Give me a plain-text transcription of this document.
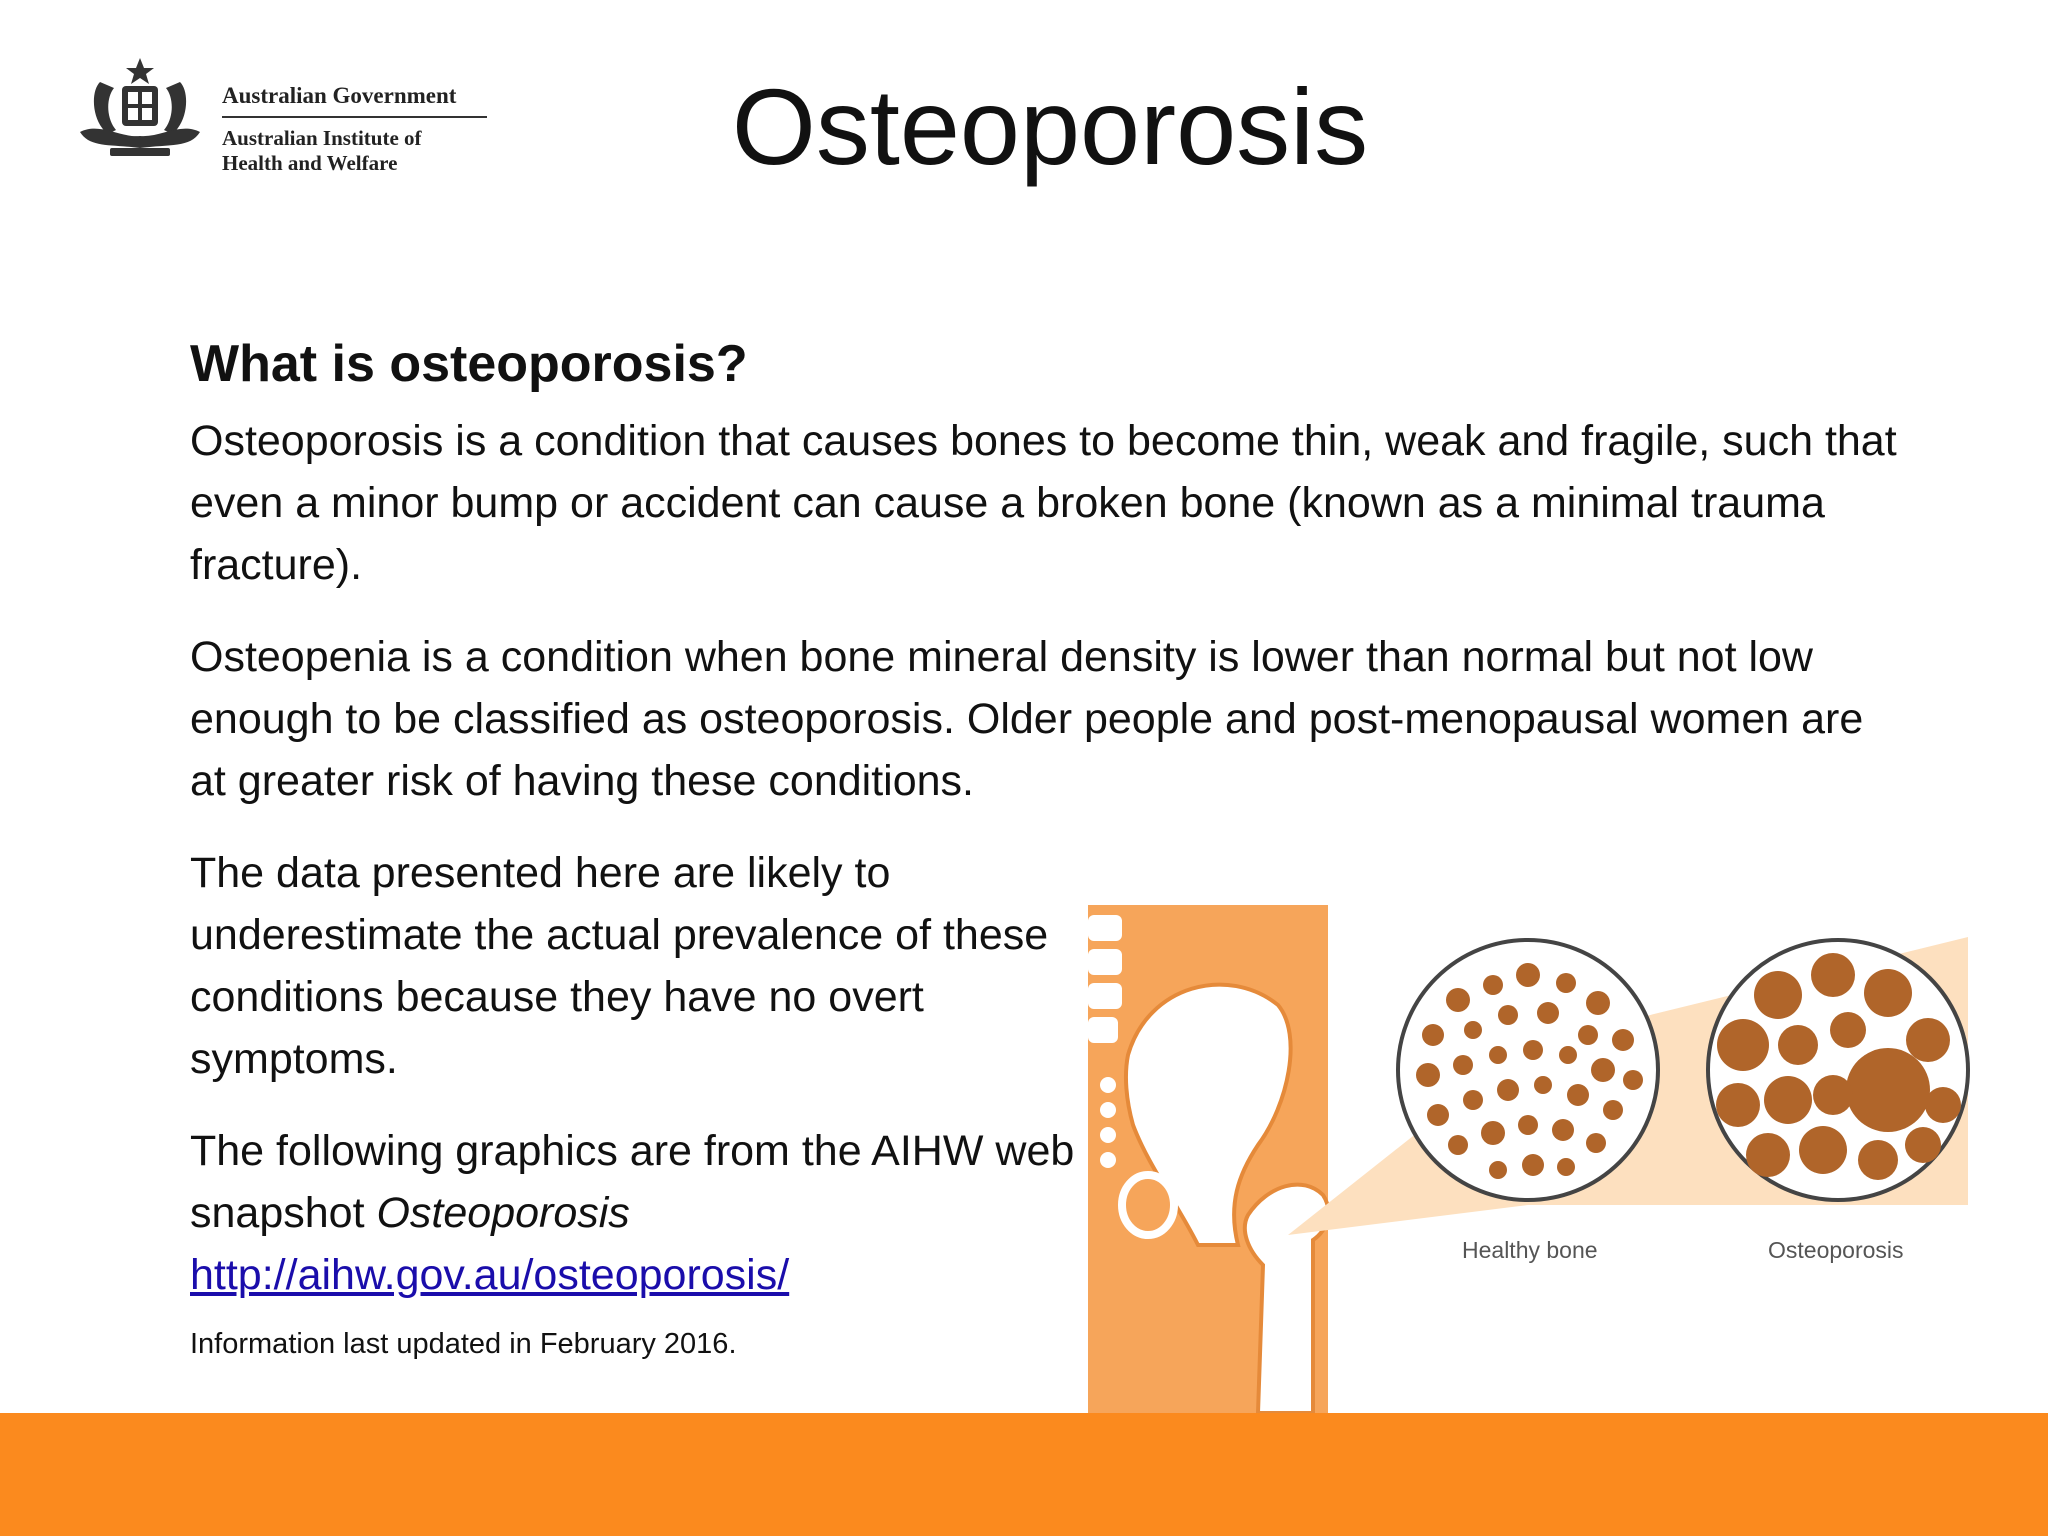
Australian Government
Australian Institute of
Health and Welfare	Osteoporosis
What is osteoporosis?

Osteoporosis is a condition that causes bones to become thin, weak and fragile, such that even a minor bump or accident can cause a broken bone (known as a minimal trauma fracture).

Osteopenia is a condition when bone mineral density is lower than normal but not low enough to be classified as osteoporosis. Older people and post-menopausal women are at greater risk of having these conditions.

The data presented here are likely to underestimate the actual prevalence of these conditions because they have no overt symptoms.

The following graphics are from the AIHW web snapshot Osteoporosis
http://aihw.gov.au/osteoporosis/

Information last updated in February 2016.
Healthy bone	Osteoporosis
